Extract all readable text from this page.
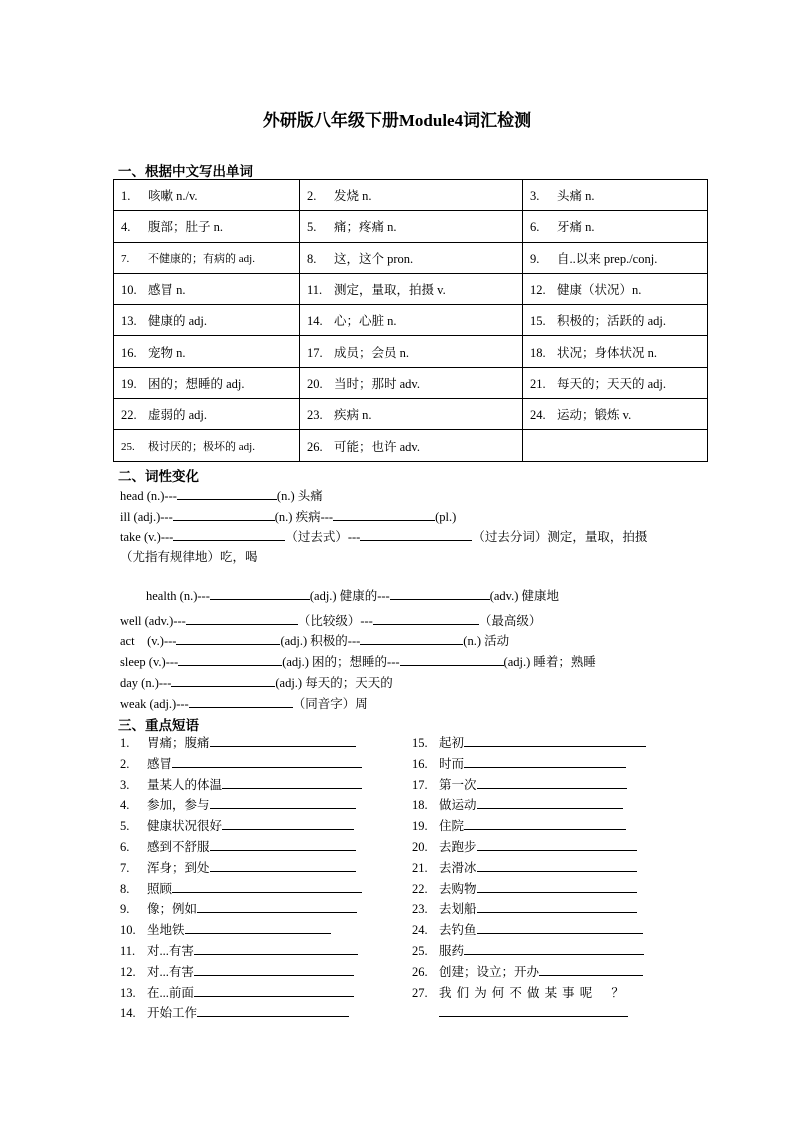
外研版八年级下册Module4词汇检测
一、根据中文写出单词
1. 咳嗽 n./v.	2. 发烧 n.	3. 头痛 n.
4. 腹部；肚子 n.	5. 痛；疼痛 n.	6. 牙痛 n.
7. 不健康的；有病的 adj.	8. 这，这个 pron.	9. 自..以来 prep./conj.
10. 感冒 n.	11. 测定，量取，拍摄 v.	12. 健康（状况）n.
13. 健康的 adj.	14. 心；心脏 n.	15. 积极的；活跃的 adj.
16. 宠物 n.	17. 成员；会员 n.	18. 状况；身体状况 n.
19. 困的；想睡的 adj.	20. 当时；那时 adv.	21. 每天的；天天的 adj.
22. 虚弱的 adj.	23. 疾病 n.	24. 运动；锻炼 v.
25. 极讨厌的；极坏的 adj.	26. 可能；也许 adv.	
二、词性变化
head (n.)---	(n.) 头痛
ill (adj.)---	(n.) 疾病---	(pl.)
take (v.)---	（过去式）---	（过去分词）测定，量取，拍摄
（尤指有规律地）吃，喝
health (n.)---	(adj.) 健康的---	(adv.) 健康地
well (adv.)---	（比较级）---	（最高级）
act　(v.)---	(adj.) 积极的---	(n.) 活动
sleep (v.)---	(adj.) 困的；想睡的---	(adj.) 睡着；熟睡
day (n.)---	(adj.) 每天的；天天的
weak (adj.)---	（同音字）周
三、重点短语
1. 胃痛；腹痛
2. 感冒
3. 量某人的体温
4. 参加，参与
5. 健康状况很好
6. 感到不舒服
7. 浑身；到处
8. 照顾
9. 像；例如
10. 坐地铁
11. 对...有害
12. 对...有害
13. 在...前面
14. 开始工作
15. 起初
16. 时而
17. 第一次
18. 做运动
19. 住院
20. 去跑步
21. 去滑冰
22. 去购物
23. 去划船
24. 去钓鱼
25. 服药
26. 创建；设立；开办
27. 我 们 为 何 不 做 某 事 呢 ？
